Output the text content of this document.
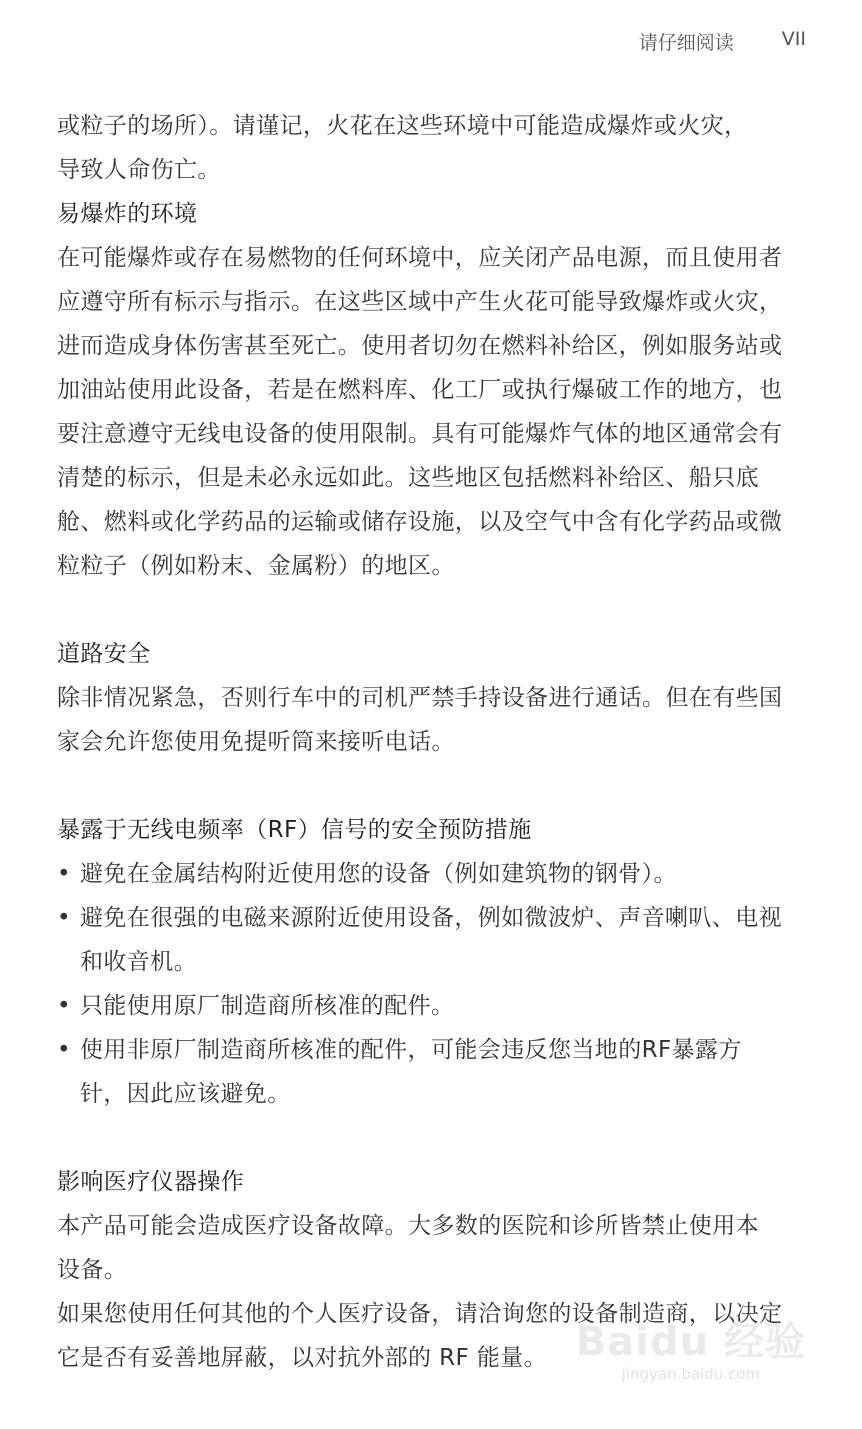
请仔细阅读	VII

或粒子的场所）。请谨记，火花在这些环境中可能造成爆炸或火灾，

导致人命伤亡。

易爆炸的环境

在可能爆炸或存在易燃物的任何环境中，应关闭产品电源，而且使用者

应遵守所有标示与指示。在这些区域中产生火花可能导致爆炸或火灾，

进而造成身体伤害甚至死亡。使用者切勿在燃料补给区，例如服务站或

加油站使用此设备，若是在燃料库、化工厂或执行爆破工作的地方，也

要注意遵守无线电设备的使用限制。具有可能爆炸气体的地区通常会有

清楚的标示，但是未必永远如此。这些地区包括燃料补给区、船只底

舱、燃料或化学药品的运输或储存设施，以及空气中含有化学药品或微

粒粒子（例如粉末、金属粉）的地区。

道路安全

除非情况紧急，否则行车中的司机严禁手持设备进行通话。但在有些国

家会允许您使用免提听筒来接听电话。

暴露于无线电频率（RF）信号的安全预防措施

• 避免在金属结构附近使用您的设备（例如建筑物的钢骨）。
• 避免在很强的电磁来源附近使用设备，例如微波炉、声音喇叭、电视
和收音机。
• 只能使用原厂制造商所核准的配件。
• 使用非原厂制造商所核准的配件，可能会违反您当地的RF暴露方
针，因此应该避免。

影响医疗仪器操作

本产品可能会造成医疗设备故障。大多数的医院和诊所皆禁止使用本

设备。

如果您使用任何其他的个人医疗设备，请洽询您的设备制造商，以决定

它是否有妥善地屏蔽，以对抗外部的 RF 能量。 Baidu 经验
jingyan.baidu.com
